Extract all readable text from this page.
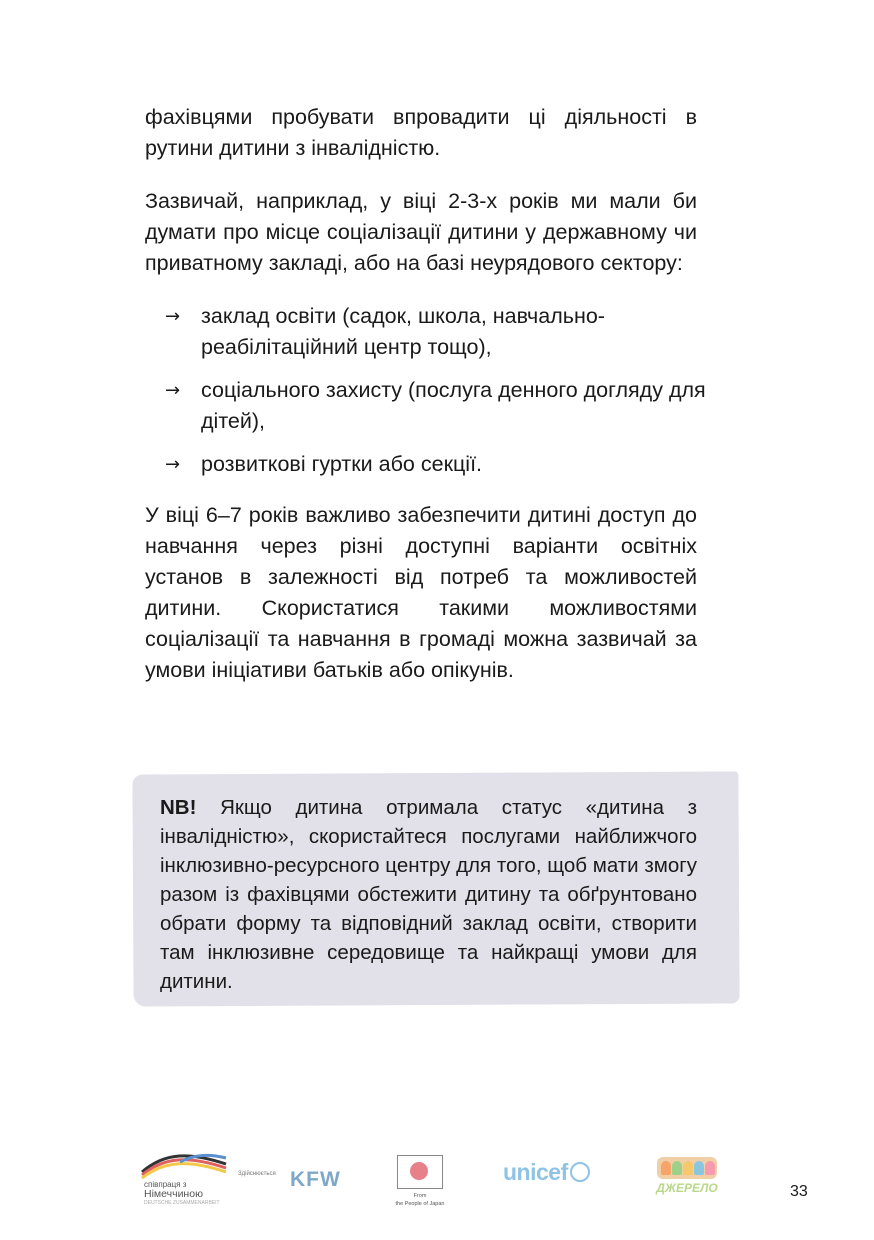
фахівцями пробувати впровадити ці діяльності в рутини дитини з інвалідністю.

Зазвичай, наприклад, у віці 2-3-х років ми мали би думати про місце соціалізації дитини у державному чи приватному закладі, або на базі неурядового сектору:

→ заклад освіти (садок, школа, навчально-реабілітаційний центр тощо),
→ соціального захисту (послуга денного догляду для дітей),
→ розвиткові гуртки або секції.

У віці 6–7 років важливо забезпечити дитині доступ до навчання через різні доступні варіанти освітніх установ в залежності від потреб та можливостей дитини. Скористатися такими можливостями соціалізації та навчання в громаді можна зазвичай за умови ініціативи батьків або опікунів.

NB! Якщо дитина отримала статус «дитина з інвалідністю», скористайтеся послугами найближчого інклюзивно-ресурсного центру для того, щоб мати змогу разом із фахівцями обстежити дитину та обґрунтовано обрати форму та відповідний заклад освіти, створити там інклюзивне середовище та найкращі умови для дитини.
співпраця з
Німеччиною
DEUTSCHE ZUSAMMENARBEIT
Здійснюється KFW
From
the People of Japan
unicef
ДЖЕРЕЛО	33
